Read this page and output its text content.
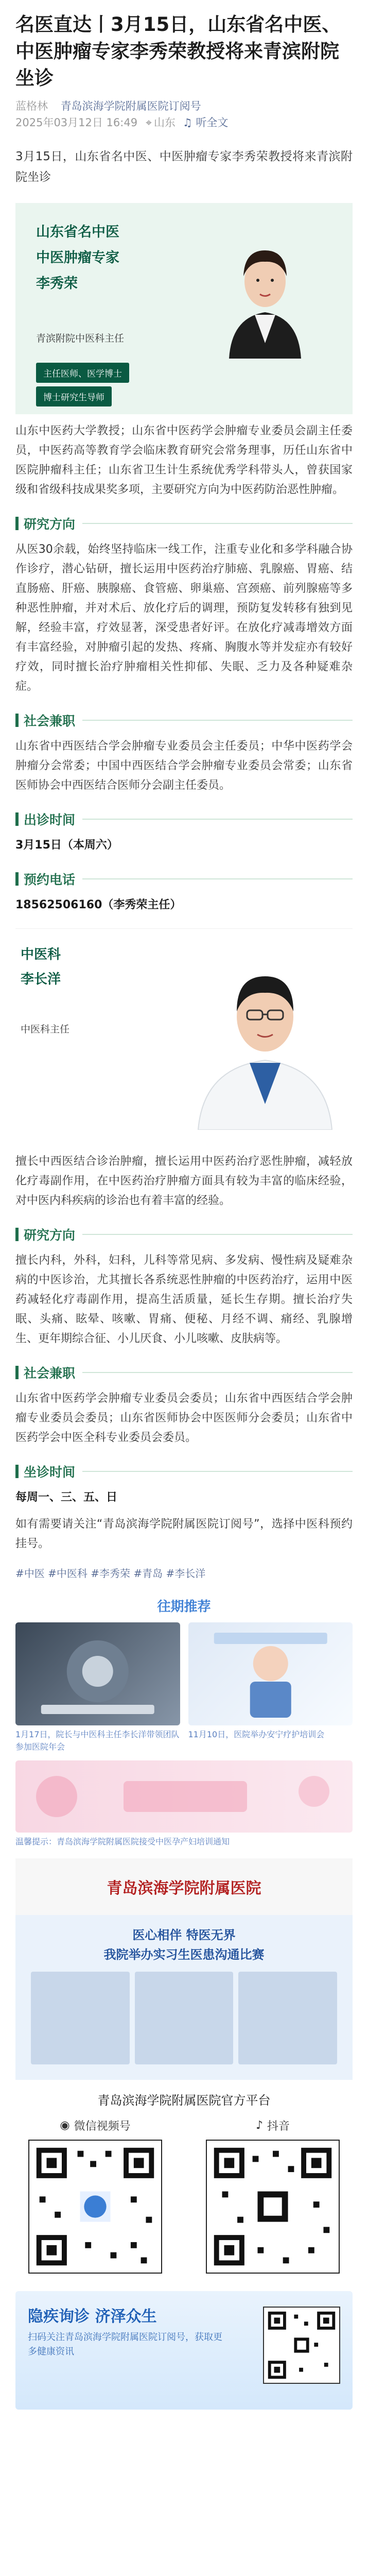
名医直达丨3月15日，山东省名中医、中医肿瘤专家李秀荣教授将来青滨附院坐诊
蓝格林 青岛滨海学院附属医院订阅号
2025年03月12日 16:49 ⌖ 山东 ♫ 听全文
3月15日，山东省名中医、中医肿瘤专家李秀荣教授将来青滨附院坐诊
山东省名中医
中医肿瘤专家
李秀荣
青滨附院中医科主任
主任医师、医学博士
博士研究生导师
山东中医药大学教授；山东省中医药学会肿瘤专业委员会副主任委员，中医药高等教育学会临床教育研究会常务理事，历任山东省中医院肿瘤科主任；山东省卫生计生系统优秀学科带头人，曾获国家级和省级科技成果奖多项，主要研究方向为中医药防治恶性肿瘤。
研究方向
从医30余载，始终坚持临床一线工作，注重专业化和多学科融合协作诊疗，潜心钻研，擅长运用中医药治疗肺癌、乳腺癌、胃癌、结直肠癌、肝癌、胰腺癌、食管癌、卵巢癌、宫颈癌、前列腺癌等多种恶性肿瘤，并对术后、放化疗后的调理，预防复发转移有独到见解，经验丰富，疗效显著，深受患者好评。在放化疗减毒增效方面有丰富经验，对肿瘤引起的发热、疼痛、胸腹水等并发症亦有较好疗效，同时擅长治疗肿瘤相关性抑郁、失眠、乏力及各种疑难杂症。
社会兼职
山东省中西医结合学会肿瘤专业委员会主任委员；中华中医药学会肿瘤分会常委；中国中西医结合学会肿瘤专业委员会常委；山东省医师协会中西医结合医师分会副主任委员。
出诊时间
3月15日（本周六）
预约电话
18562506160（李秀荣主任）
中医科
李长洋
中医科主任
擅长中西医结合诊治肿瘤，擅长运用中医药治疗恶性肿瘤，减轻放化疗毒副作用，在中医药治疗肿瘤方面具有较为丰富的临床经验，对中医内科疾病的诊治也有着丰富的经验。
研究方向
擅长内科，外科，妇科，儿科等常见病、多发病、慢性病及疑难杂病的中医诊治，尤其擅长各系统恶性肿瘤的中医药治疗，运用中医药减轻化疗毒副作用，提高生活质量，延长生存期。擅长治疗失眠、头痛、眩晕、咳嗽、胃痛、便秘、月经不调、痛经、乳腺增生、更年期综合征、小儿厌食、小儿咳嗽、皮肤病等。
社会兼职
山东省中医药学会肿瘤专业委员会委员；山东省中西医结合学会肿瘤专业委员会委员；山东省医师协会中医医师分会委员；山东省中医药学会中医全科专业委员会委员。
坐诊时间
每周一、三、五、日
如有需要请关注“青岛滨海学院附属医院订阅号”，选择中医科预约挂号。
#中医 #中医科 #李秀荣 #青岛 #李长洋
往期推荐
1月17日，院长与中医科主任李长洋带领团队参加医院年会
11月10日，医院举办安宁疗护培训会
温馨提示：青岛滨海学院附属医院接受中医孕产妇培训通知
青岛滨海学院附属医院
医心相伴 特医无界
我院举办实习生医患沟通比赛
青岛滨海学院附属医院官方平台
◉ 微信视频号	♪ 抖音
隐疾询诊 济泽众生
扫码关注青岛滨海学院附属医院订阅号，获取更多健康资讯
